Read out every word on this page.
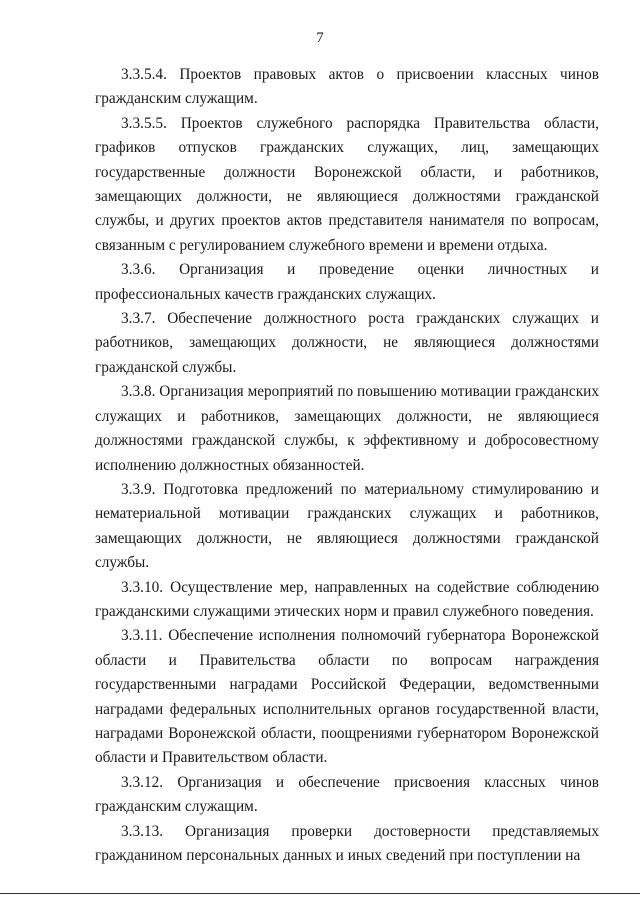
7

3.3.5.4. Проектов правовых актов о присвоении классных чинов гражданским служащим.

3.3.5.5. Проектов служебного распорядка Правительства области, графиков отпусков гражданских служащих, лиц, замещающих государственные должности Воронежской области, и работников, замещающих должности, не являющиеся должностями гражданской службы, и других проектов актов представителя нанимателя по вопросам, связанным с регулированием служебного времени и времени отдыха.

3.3.6. Организация и проведение оценки личностных и профессиональных качеств гражданских служащих.

3.3.7. Обеспечение должностного роста гражданских служащих и работников, замещающих должности, не являющиеся должностями гражданской службы.

3.3.8. Организация мероприятий по повышению мотивации гражданских служащих и работников, замещающих должности, не являющиеся должностями гражданской службы, к эффективному и добросовестному исполнению должностных обязанностей.

3.3.9. Подготовка предложений по материальному стимулированию и нематериальной мотивации гражданских служащих и работников, замещающих должности, не являющиеся должностями гражданской службы.

3.3.10. Осуществление мер, направленных на содействие соблюдению гражданскими служащими этических норм и правил служебного поведения.

3.3.11. Обеспечение исполнения полномочий губернатора Воронежской области и Правительства области по вопросам награждения государственными наградами Российской Федерации, ведомственными наградами федеральных исполнительных органов государственной власти, наградами Воронежской области, поощрениями губернатором Воронежской области и Правительством области.

3.3.12. Организация и обеспечение присвоения классных чинов гражданским служащим.

3.3.13. Организация проверки достоверности представляемых гражданином персональных данных и иных сведений при поступлении на
